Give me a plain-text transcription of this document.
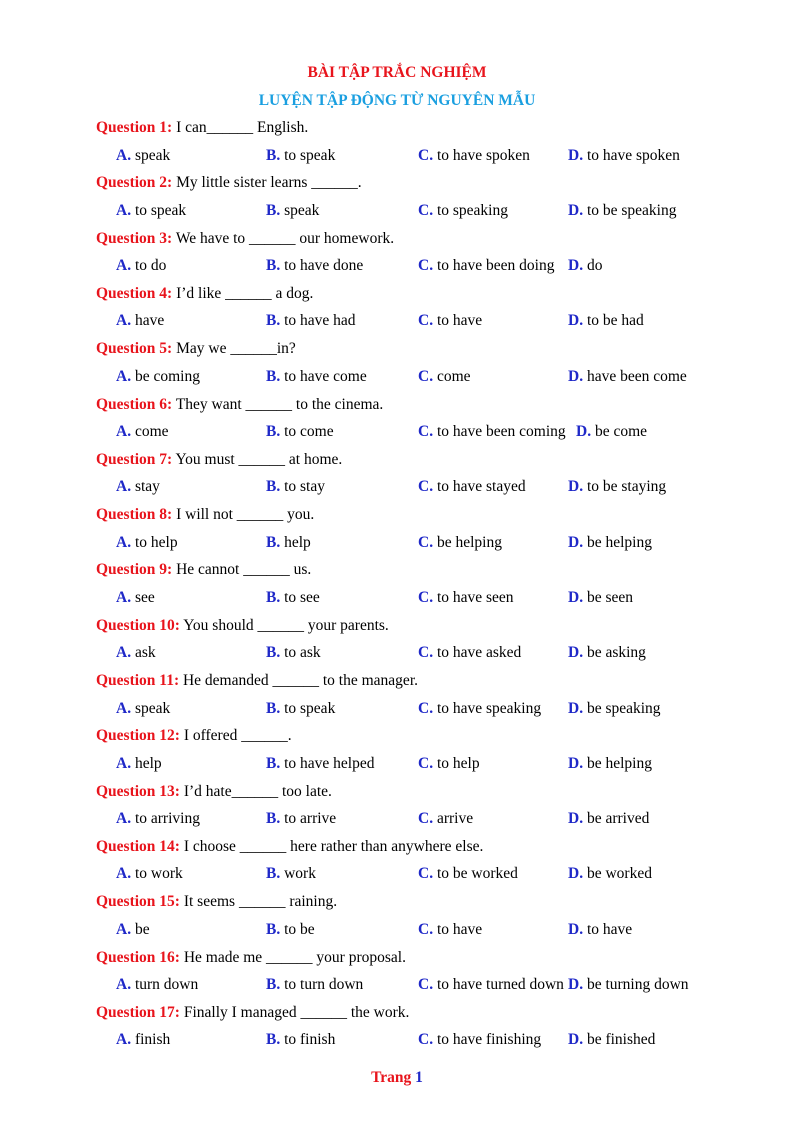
BÀI TẬP TRẮC NGHIỆM
LUYỆN TẬP ĐỘNG TỪ NGUYÊN MẪU
Question 1: I can______ English.
A. speak	B. to speak	C. to have spoken D. to have spoken
Question 2: My little sister learns ______.
A. to speak	B. speak	C. to speaking	D. to be speaking
Question 3: We have to ______ our homework.
A. to do	B. to have done	C. to have been doing D. do
Question 4: I’d like ______ a dog.
A. have	B. to have had	C. to have	D. to be had
Question 5: May we ______in?
A. be coming	B. to have come	C. come	D. have been come
Question 6: They want ______ to the cinema.
A. come	B. to come	C. to have been coming D. be come
Question 7: You must ______ at home.
A. stay	B. to stay	C. to have stayed	D. to be staying
Question 8: I will not ______ you.
A. to help	B. help	C. be helping	D. be helping
Question 9: He cannot ______ us.
A. see	B. to see	C. to have seen	D. be seen
Question 10: You should ______ your parents.
A. ask	B. to ask	C. to have asked	D. be asking
Question 11: He demanded ______ to the manager.
A. speak	B. to speak	C. to have speaking D. be speaking
Question 12: I offered ______.
A. help	B. to have helped	C. to help	D. be helping
Question 13: I’d hate______ too late.
A. to arriving	B. to arrive	C. arrive	D. be arrived
Question 14: I choose ______ here rather than anywhere else.
A. to work	B. work	C. to be worked	D. be worked
Question 15: It seems ______ raining.
A. be	B. to be	C. to have	D. to have
Question 16: He made me ______ your proposal.
A. turn down	B. to turn down	C. to have turned down D. be turning down
Question 17: Finally I managed ______ the work.
A. finish	B. to finish	C. to have finishing D. be finished
Trang 1
